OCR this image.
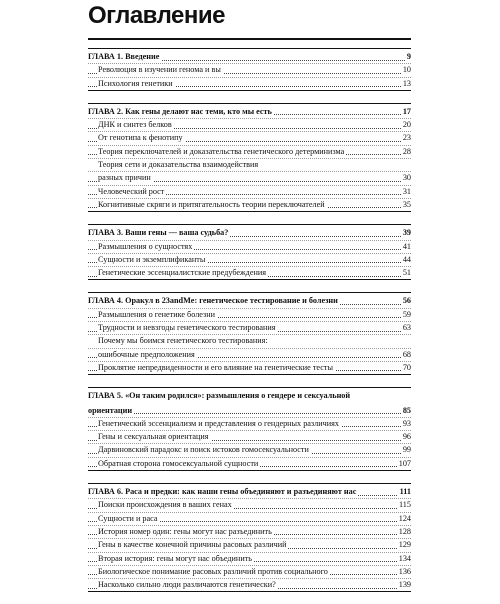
Оглавление
ГЛАВА 1. Введение	9
Революция в изучении генома и вы	10
Психология генетики	13
ГЛАВА 2. Как гены делают нас теми, кто мы есть	17
ДНК и синтез белков	20
От генотипа к фенотипу	23
Теория переключателей и доказательства генетического детерминизма	28
Теория сети и доказательства взаимодействия
разных причин	30
Человеческий рост	31
Когнитивные скряги и притягательность теории переключателей	35
ГЛАВА 3. Ваши гены — ваша судьба?	39
Размышления о сущностях	41
Сущности и экземплификанты	44
Генетические эссенциалистские предубеждения	51
ГЛАВА 4. Оракул в 23andMe: генетическое тестирование и болезни	56
Размышления о генетике болезни	59
Трудности и невзгоды генетического тестирования	63
Почему мы боимся генетического тестирования:
ошибочные предположения	68
Проклятие непредвиденности и его влияние на генетические тесты	70
ГЛАВА 5. «Он таким родился»: размышления о гендере и сексуальной
ориентации	85
Генетический эссенциализм и представления о гендерных различиях	93
Гены и сексуальная ориентация	96
Дарвиновский парадокс и поиск истоков гомосексуальности	99
Обратная сторона гомосексуальной сущности	107
ГЛАВА 6. Раса и предки: как наши гены объединяют и разъединяют нас	111
Поиски происхождения в ваших генах	115
Сущности и раса	124
История номер один: гены могут нас разъединить	128
Гены в качестве конечной причины расовых различий	129
Вторая история: гены могут нас объединить	134
Биологическое понимание расовых различий против социального	136
Насколько сильно люди различаются генетически?	139
